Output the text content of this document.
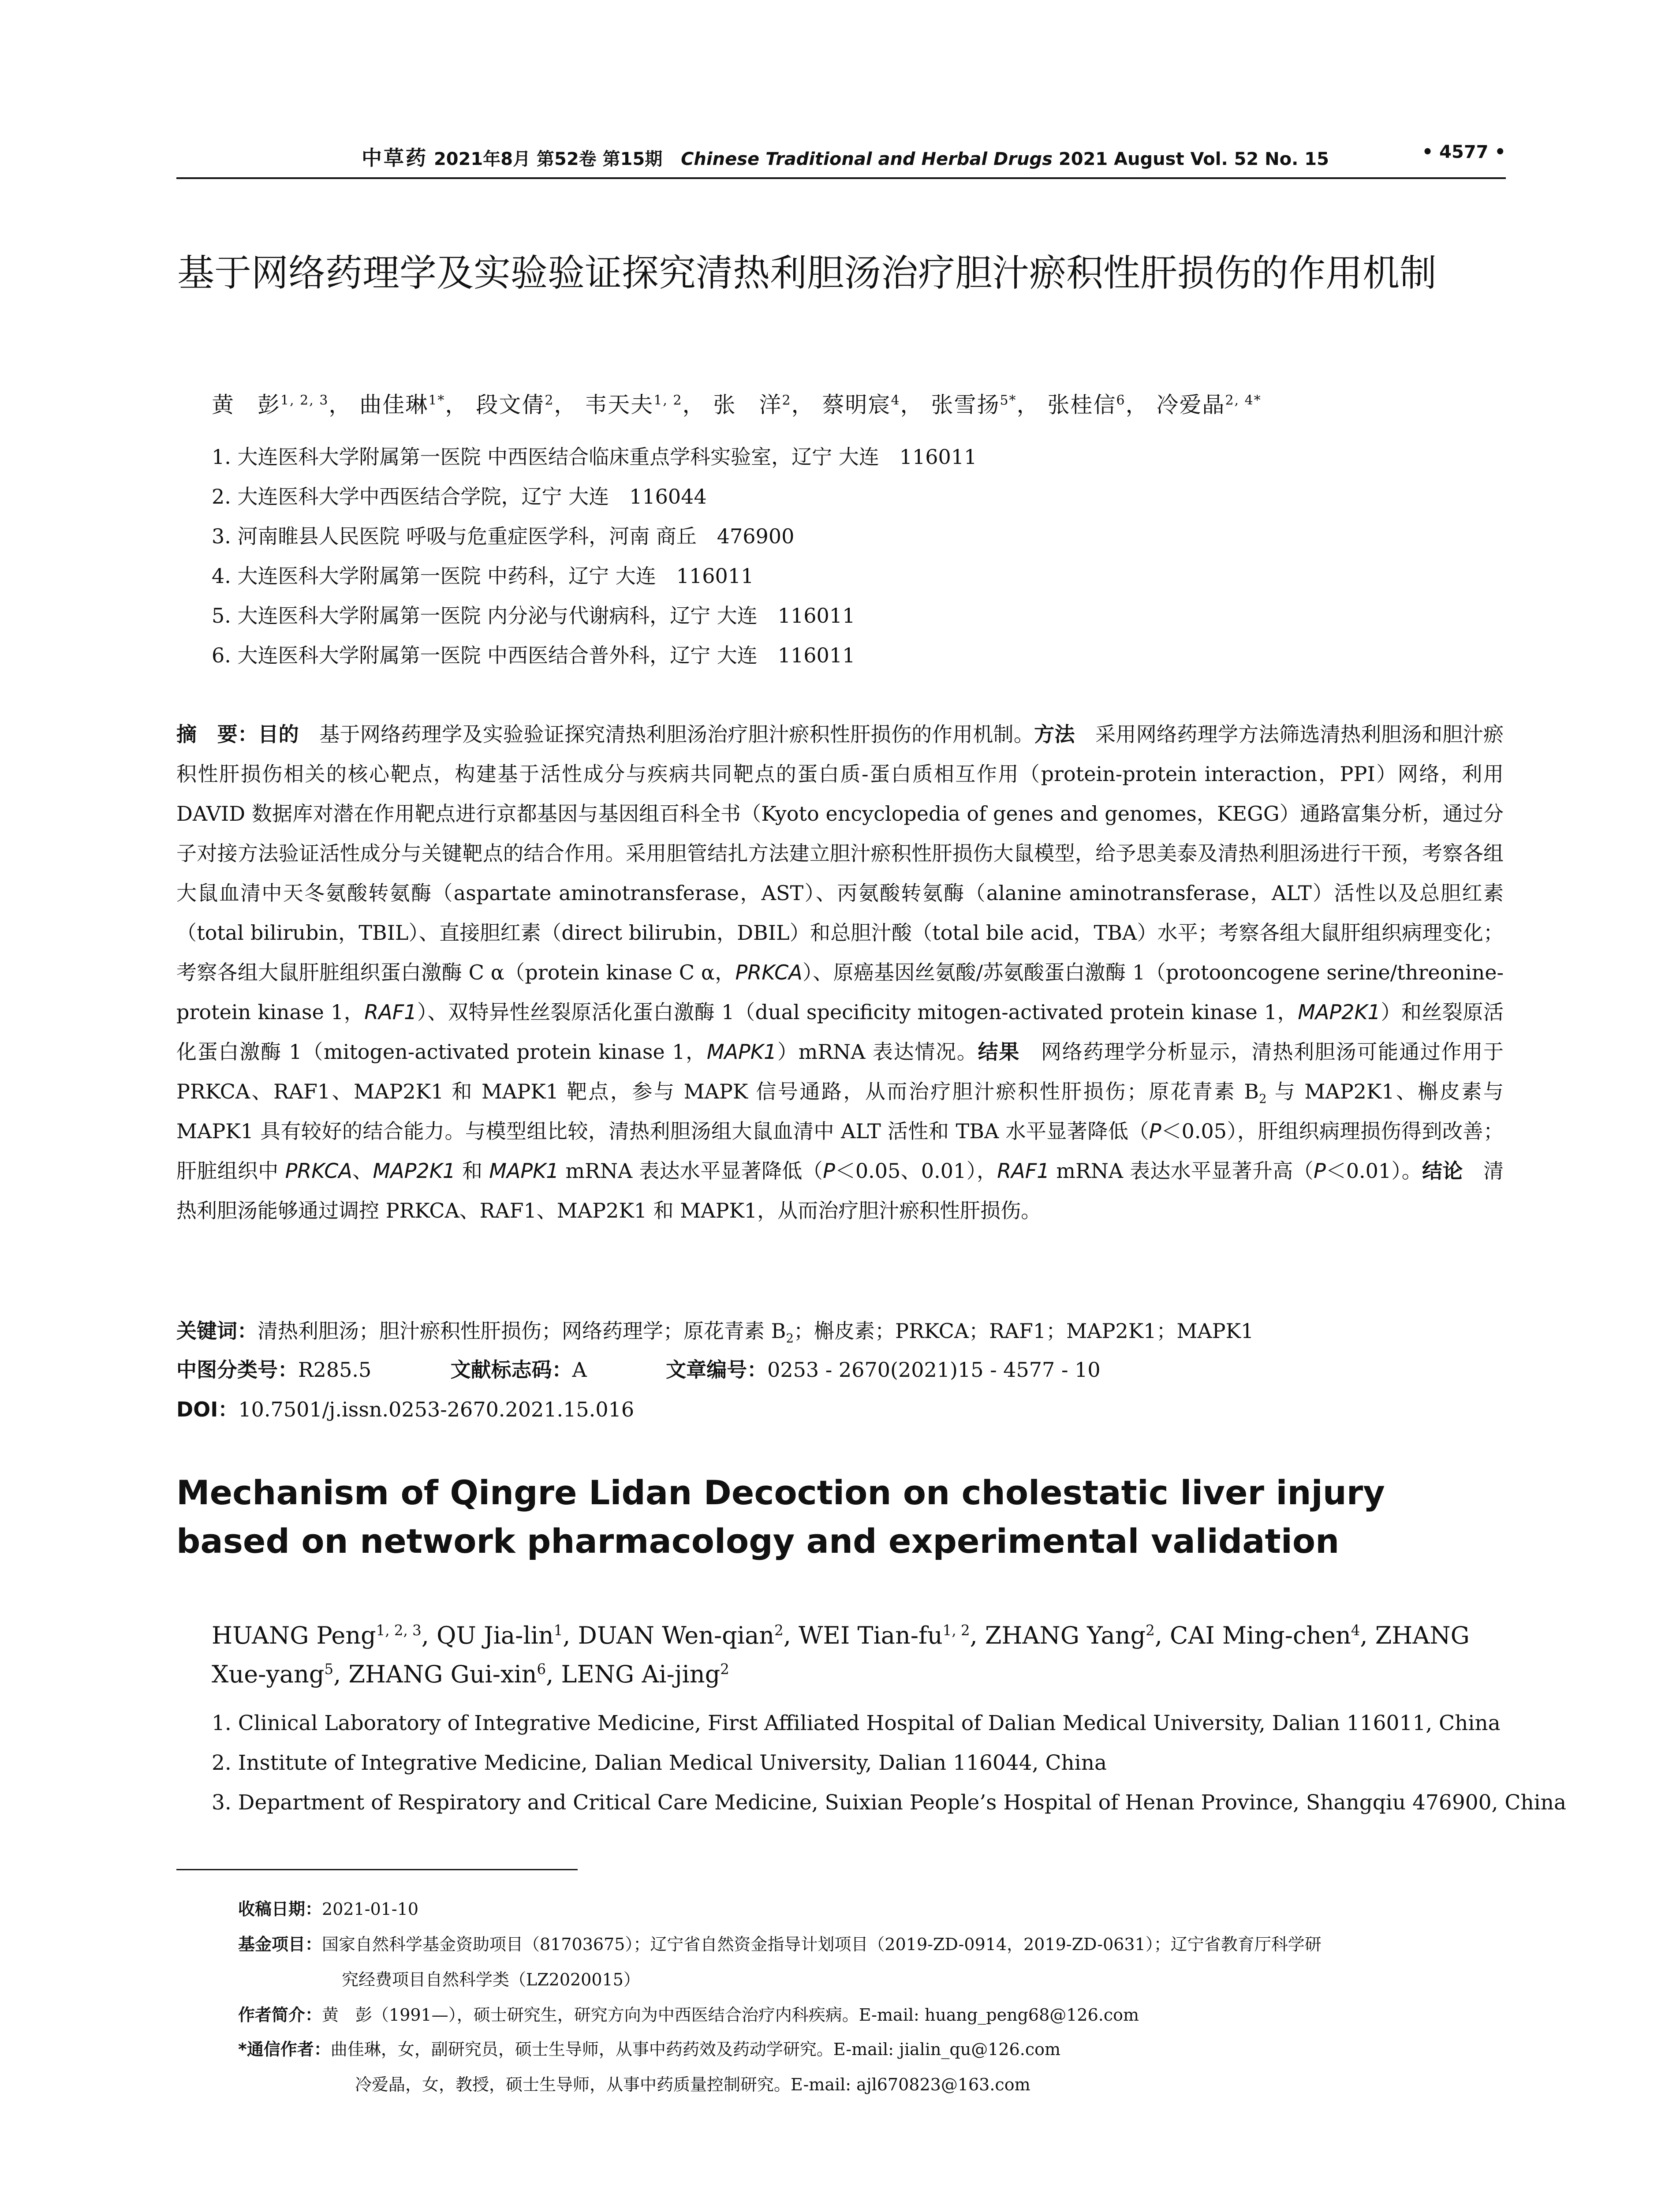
中草药 2021年8月 第52卷 第15期 Chinese Traditional and Herbal Drugs 2021 August Vol. 52 No. 15	• 4577 •
基于网络药理学及实验验证探究清热利胆汤治疗胆汁瘀积性肝损伤的作用机制
黄　彭$^{1, 2, 3}$， 曲佳琳$^{1*}$， 段文倩$^2$， 韦天夫$^{1, 2}$， 张　洋$^2$， 蔡明宸$^4$， 张雪扬$^{5*}$， 张桂信$^6$， 冷爱晶$^{2, 4*}$
1. 大连医科大学附属第一医院 中西医结合临床重点学科实验室，辽宁 大连　116011
2. 大连医科大学中西医结合学院，辽宁 大连　116044
3. 河南睢县人民医院 呼吸与危重症医学科，河南 商丘　476900
4. 大连医科大学附属第一医院 中药科，辽宁 大连　116011
5. 大连医科大学附属第一医院 内分泌与代谢病科，辽宁 大连　116011
6. 大连医科大学附属第一医院 中西医结合普外科，辽宁 大连　116011
摘　要：目的　 基于网络药理学及实验验证探究清热利胆汤治疗胆汁瘀积性肝损伤的作用机制。方法　 采用网络药理学方法筛选清热利胆汤和胆汁瘀积性肝损伤相关的核心靶点，构建基于活性成分与疾病共同靶点的蛋白质-蛋白质相互作用（protein-protein interaction，PPI）网络，利用 DAVID 数据库对潜在作用靶点进行京都基因与基因组百科全书（Kyoto encyclopedia of genes and genomes，KEGG）通路富集分析，通过分子对接方法验证活性成分与关键靶点的结合作用。采用胆管结扎方法建立胆汁瘀积性肝损伤大鼠模型，给予思美泰及清热利胆汤进行干预，考察各组大鼠血清中天冬氨酸转氨酶（aspartate aminotransferase，AST）、丙氨酸转氨酶（alanine aminotransferase，ALT）活性以及总胆红素（total bilirubin，TBIL）、直接胆红素（direct bilirubin，DBIL）和总胆汁酸（total bile acid，TBA）水平；考察各组大鼠肝组织病理变化；考察各组大鼠肝脏组织蛋白激酶 C α（protein kinase C α，PRKCA）、原癌基因丝氨酸/苏氨酸蛋白激酶 1（protooncogene serine/threonine-protein kinase 1，RAF1）、双特异性丝裂原活化蛋白激酶 1（dual specificity mitogen-activated protein kinase 1，MAP2K1）和丝裂原活化蛋白激酶 1（mitogen-activated protein kinase 1，MAPK1）mRNA 表达情况。结果　 网络药理学分析显示，清热利胆汤可能通过作用于 PRKCA、RAF1、MAP2K1 和 MAPK1 靶点，参与 MAPK 信号通路，从而治疗胆汁瘀积性肝损伤；原花青素 $B_2$ 与 MAP2K1、槲皮素与 MAPK1 具有较好的结合能力。与模型组比较，清热利胆汤组大鼠血清中 ALT 活性和 TBA 水平显著降低（P＜0.05），肝组织病理损伤得到改善；肝脏组织中 PRKCA、MAP2K1 和 MAPK1 mRNA 表达水平显著降低（P＜0.05、0.01），RAF1 mRNA 表达水平显著升高（P＜0.01）。结论　 清热利胆汤能够通过调控 PRKCA、RAF1、MAP2K1 和 MAPK1，从而治疗胆汁瘀积性肝损伤。
关键词：清热利胆汤；胆汁瘀积性肝损伤；网络药理学；原花青素 $B_2$；槲皮素；PRKCA；RAF1；MAP2K1；MAPK1
中图分类号：R285.5	文献标志码：A	文章编号：0253 - 2670(2021)15 - 4577 - 10
DOI：10.7501/j.issn.0253-2670.2021.15.016
Mechanism of Qingre Lidan Decoction on cholestatic liver injury based on network pharmacology and experimental validation
HUANG Peng$^{1, 2, 3}$, QU Jia-lin$^1$, DUAN Wen-qian$^2$, WEI Tian-fu$^{1, 2}$, ZHANG Yang$^2$, CAI Ming-chen$^4$, ZHANG Xue-yang$^5$, ZHANG Gui-xin$^6$, LENG Ai-jing$^2$
1. Clinical Laboratory of Integrative Medicine, First Affiliated Hospital of Dalian Medical University, Dalian 116011, China
2. Institute of Integrative Medicine, Dalian Medical University, Dalian 116044, China
3. Department of Respiratory and Critical Care Medicine, Suixian People’s Hospital of Henan Province, Shangqiu 476900, China
收稿日期：2021-01-10
基金项目：国家自然科学基金资助项目（81703675）；辽宁省自然资金指导计划项目（2019-ZD-0914，2019-ZD-0631）；辽宁省教育厅科学研
究经费项目自然科学类（LZ2020015）
作者简介：黄　彭（1991—），硕士研究生，研究方向为中西医结合治疗内科疾病。E-mail: huang_peng68@126.com
*通信作者：曲佳琳，女，副研究员，硕士生导师，从事中药药效及药动学研究。E-mail: jialin_qu@126.com
冷爱晶，女，教授，硕士生导师，从事中药质量控制研究。E-mail: ajl670823@163.com
